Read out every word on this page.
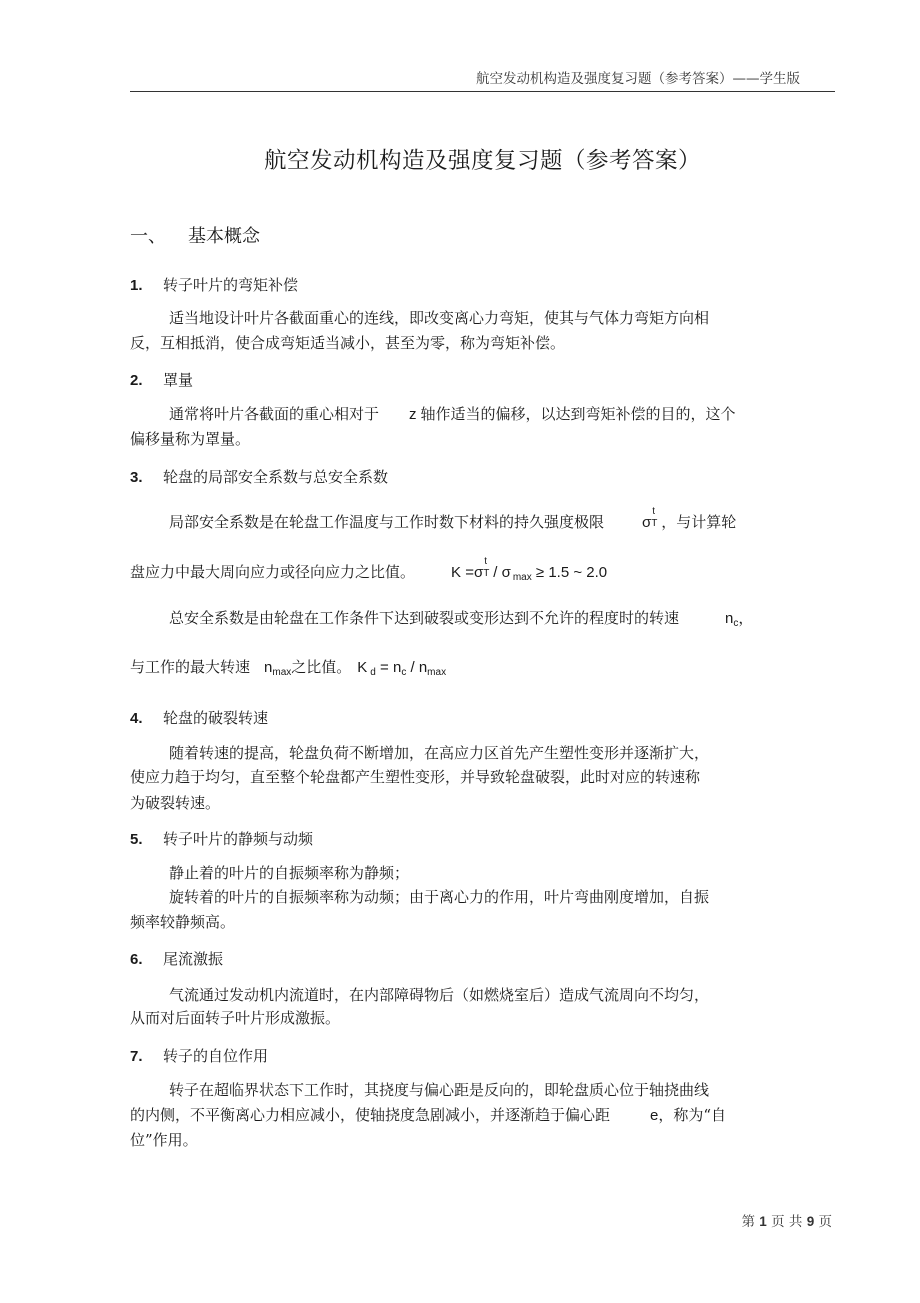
航空发动机构造及强度复习题（参考答案）——学生版
航空发动机构造及强度复习题（参考答案）
一、 基本概念
1. 转子叶片的弯矩补偿
适当地设计叶片各截面重心的连线，即改变离心力弯矩，使其与气体力弯矩方向相
反，互相抵消，使合成弯矩适当减小，甚至为零，称为弯矩补偿。
2. 罩量
通常将叶片各截面的重心相对于 z 轴作适当的偏移，以达到弯矩补偿的目的，这个
偏移量称为罩量。
3. 轮盘的局部安全系数与总安全系数
局部安全系数是在轮盘工作温度与工作时数下材料的持久强度极限	σ
t
T ，与计算轮
盘应力中最大周向应力或径向应力之比值。 K =σ
t
T / σ $_{max}$ ≥ 1.5 ~ 2.0
总安全系数是由轮盘在工作条件下达到破裂或变形达到不允许的程度时的转速	$n_c$，
与工作的最大转速 $n_{max}$之比值。 K $_d = n_c / n_{max}$
4. 轮盘的破裂转速
随着转速的提高，轮盘负荷不断增加，在高应力区首先产生塑性变形并逐渐扩大，
使应力趋于均匀，直至整个轮盘都产生塑性变形，并导致轮盘破裂，此时对应的转速称
为破裂转速。
5. 转子叶片的静频与动频
静止着的叶片的自振频率称为静频；
旋转着的叶片的自振频率称为动频；由于离心力的作用，叶片弯曲刚度增加，自振
频率较静频高。
6. 尾流激振
气流通过发动机内流道时，在内部障碍物后（如燃烧室后）造成气流周向不均匀，
从而对后面转子叶片形成激振。
7. 转子的自位作用
转子在超临界状态下工作时，其挠度与偏心距是反向的，即轮盘质心位于轴挠曲线
的内侧，不平衡离心力相应减小，使轴挠度急剧减小，并逐渐趋于偏心距	e，称为“自
位”作用。
第 1 页 共 9 页
